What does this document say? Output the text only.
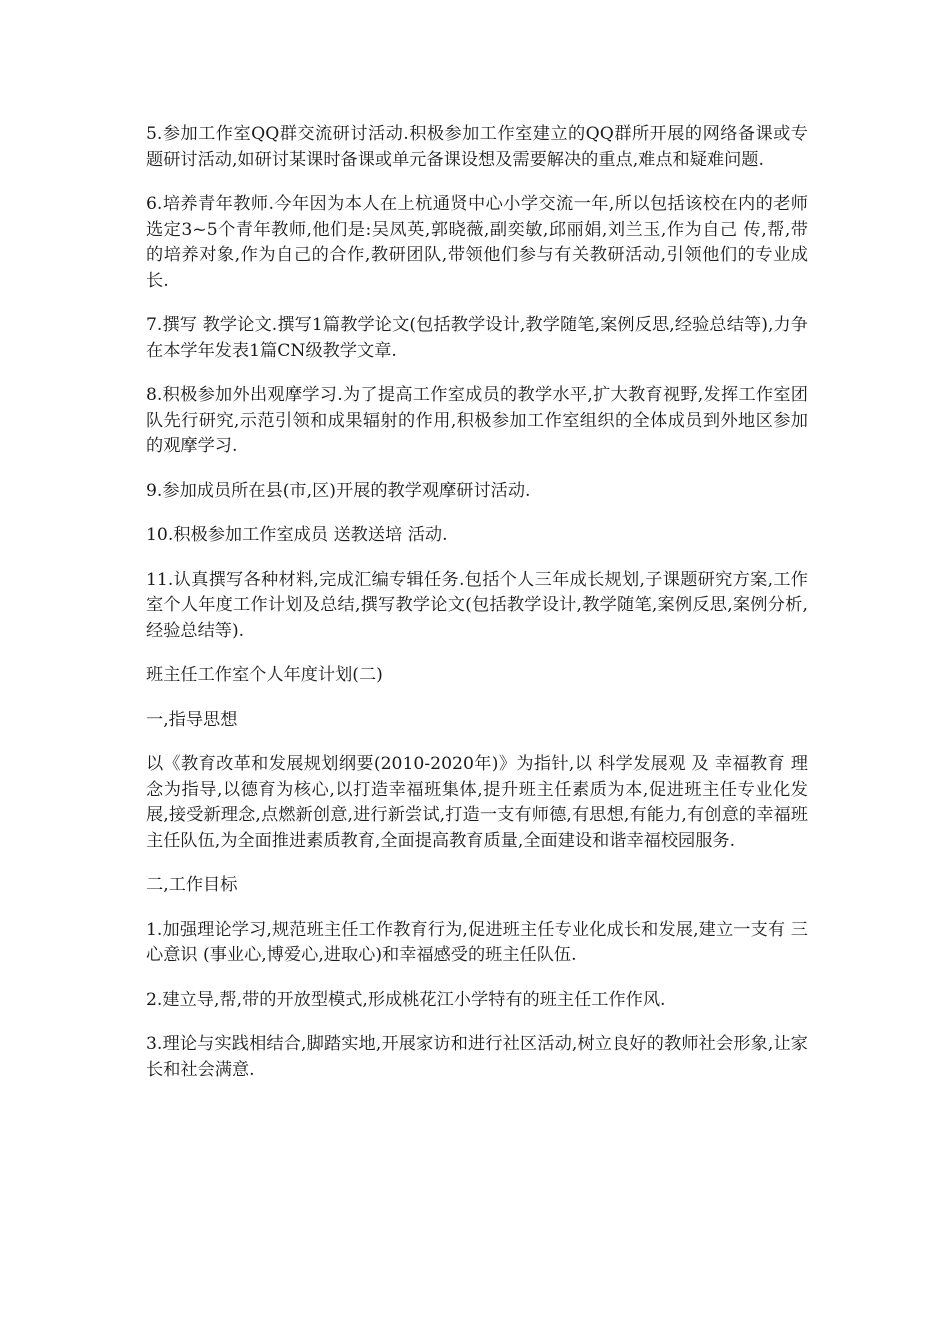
5.参加工作室QQ群交流研讨活动.积极参加工作室建立的QQ群所开展的网络备课或专题研讨活动,如研讨某课时备课或单元备课设想及需要解决的重点,难点和疑难问题.

6.培养青年教师.今年因为本人在上杭通贤中心小学交流一年,所以包括该校在内的老师选定3~5个青年教师,他们是:吴凤英,郭晓薇,副奕敏,邱丽娟,刘兰玉,作为自己 传,帮,带 的培养对象,作为自己的合作,教研团队,带领他们参与有关教研活动,引领他们的专业成长.

7.撰写 教学论文.撰写1篇教学论文(包括教学设计,教学随笔,案例反思,经验总结等),力争在本学年发表1篇CN级教学文章.

8.积极参加外出观摩学习.为了提高工作室成员的教学水平,扩大教育视野,发挥工作室团队先行研究,示范引领和成果辐射的作用,积极参加工作室组织的全体成员到外地区参加的观摩学习.

9.参加成员所在县(市,区)开展的教学观摩研讨活动.

10.积极参加工作室成员 送教送培 活动.

11.认真撰写各种材料,完成汇编专辑任务.包括个人三年成长规划,子课题研究方案,工作室个人年度工作计划及总结,撰写教学论文(包括教学设计,教学随笔,案例反思,案例分析,经验总结等).

班主任工作室个人年度计划(二)

一,指导思想

以《教育改革和发展规划纲要(2010-2020年)》为指针,以 科学发展观 及 幸福教育 理念为指导,以德育为核心,以打造幸福班集体,提升班主任素质为本,促进班主任专业化发展,接受新理念,点燃新创意,进行新尝试,打造一支有师德,有思想,有能力,有创意的幸福班主任队伍,为全面推进素质教育,全面提高教育质量,全面建设和谐幸福校园服务.

二,工作目标

1.加强理论学习,规范班主任工作教育行为,促进班主任专业化成长和发展,建立一支有 三心意识 (事业心,博爱心,进取心)和幸福感受的班主任队伍.

2.建立导,帮,带的开放型模式,形成桃花江小学特有的班主任工作作风.

3.理论与实践相结合,脚踏实地,开展家访和进行社区活动,树立良好的教师社会形象,让家长和社会满意.
